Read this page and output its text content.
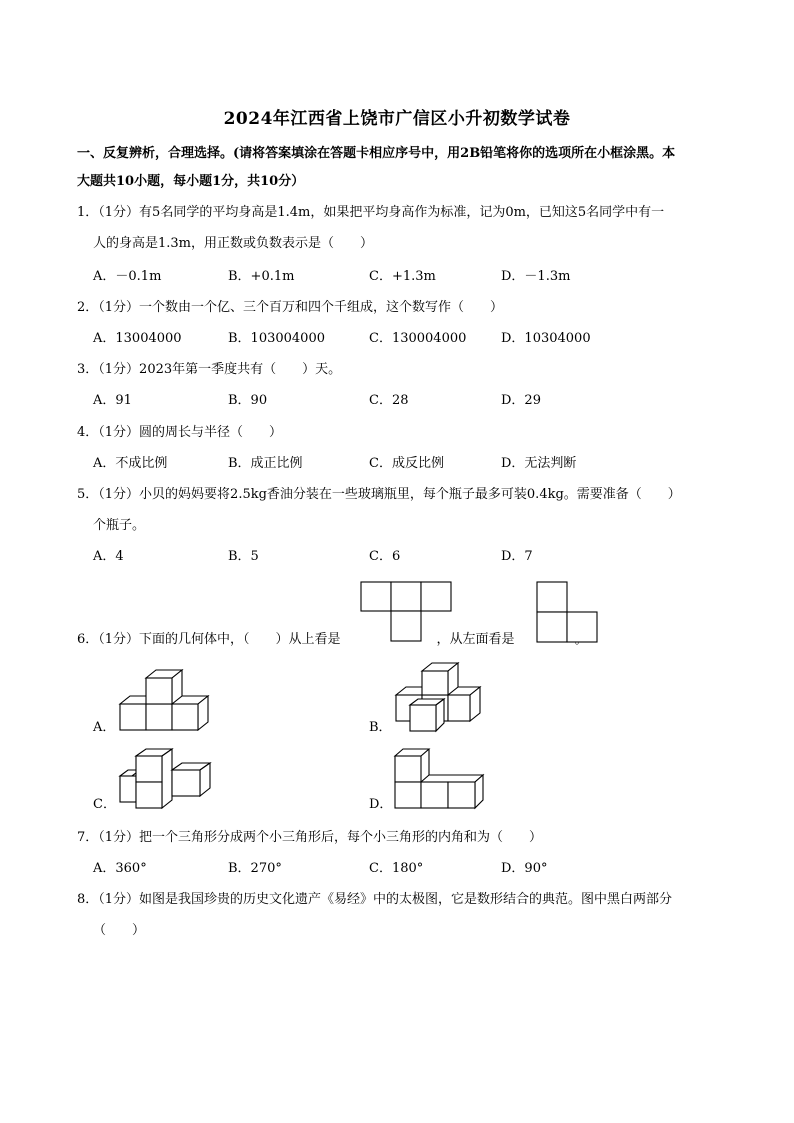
2024年江西省上饶市广信区小升初数学试卷
一、反复辨析，合理选择。(请将答案填涂在答题卡相应序号中，用2B铅笔将你的选项所在小框涂黑。本
大题共10小题，每小题1分，共10分）
1．（1分）有5名同学的平均身高是1.4m，如果把平均身高作为标准，记为0m，已知这5名同学中有一
人的身高是1.3m，用正数或负数表示是（　　）
A．－0.1m	B．+0.1m	C．+1.3m	D．－1.3m
2．（1分）一个数由一个亿、三个百万和四个千组成，这个数写作（　　）
A．13004000	B．103004000	C．130004000	D．10304000
3．（1分）2023年第一季度共有（　　）天。
A．91	B．90	C．28	D．29
4．（1分）圆的周长与半径（　　）
A．不成比例	B．成正比例	C．成反比例	D．无法判断
5．（1分）小贝的妈妈要将2.5kg香油分装在一些玻璃瓶里，每个瓶子最多可装0.4kg。需要准备（　　）
个瓶子。
A．4	B．5	C．6	D．7
6．（1分）下面的几何体中，（　　）从上看是	，从左面看是
A．	B．
C．	D．
7．（1分）把一个三角形分成两个小三角形后，每个小三角形的内角和为（　　）
A．360°	B．270°	C．180°	D．90°
8．（1分）如图是我国珍贵的历史文化遗产《易经》中的太极图，它是数形结合的典范。图中黑白两部分
（　　）
